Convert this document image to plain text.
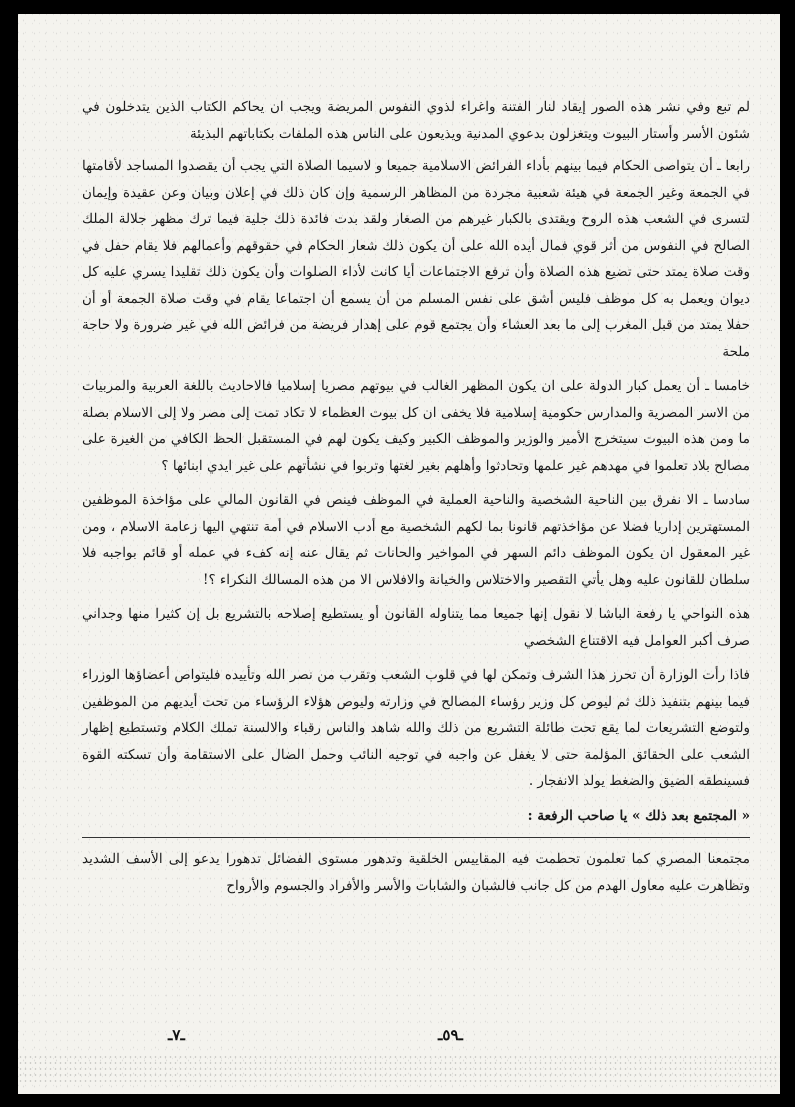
لم تبع وفي نشر هذه الصور إيقاد لنار الفتنة واغراء لذوي النفوس المريضة ويجب ان يحاكم الكتاب الذين يتدخلون في شئون الأسر وأستار البيوت ويتغزلون بدعوي المدنية ويذيعون على الناس هذه الملفات بكتاباتهم البذيئة

رابعا ـ أن يتواصى الحكام فيما بينهم بأداء الفرائض الاسلامية جميعا و لاسيما الصلاة التي يجب أن يقصدوا المساجد لأقامتها في الجمعة وغير الجمعة في هيئة شعبية مجردة من المظاهر الرسمية وإن كان ذلك في إعلان وبيان وعن عقيدة وإيمان لتسرى في الشعب هذه الروح ويقتدى بالكبار غيرهم من الصغار ولقد بدت فائدة ذلك جلية فيما ترك مظهر جلالة الملك الصالح في النفوس من أثر قوي فمال أيده الله على أن يكون ذلك شعار الحكام في حقوقهم وأعمالهم فلا يقام حفل في وقت صلاة يمتد حتى تضيع هذه الصلاة وأن ترفع الاجتماعات أيا كانت لأداء الصلوات وأن يكون ذلك تقليدا يسري عليه كل ديوان ويعمل به كل موظف فليس أشق على نفس المسلم من أن يسمع أن اجتماعا يقام في وقت صلاة الجمعة أو أن حفلا يمتد من قبل المغرب إلى ما بعد العشاء وأن يجتمع قوم على إهدار فريضة من فرائض الله في غير ضرورة ولا حاجة ملحة

خامسا ـ أن يعمل كبار الدولة على ان يكون المظهر الغالب في بيوتهم مصريا إسلاميا فالاحاديث باللغة العربية والمربيات من الاسر المصرية والمدارس حكومية إسلامية فلا يخفى ان كل بيوت العظماء لا تكاد تمت إلى مصر ولا إلى الاسلام بصلة ما ومن هذه البيوت سيتخرج الأمير والوزير والموظف الكبير وكيف يكون لهم في المستقبل الحظ الكافي من الغيرة على مصالح بلاد تعلموا في مهدهم غير علمها وتحادثوا وأهلهم بغير لغتها وتربوا في نشأتهم على غير ايدي ابنائها ؟

سادسا ـ الا نفرق بين الناحية الشخصية والناحية العملية في الموظف فينص في القانون المالي على مؤاخذة الموظفين المستهترين إداريا فضلا عن مؤاخذتهم قانونا بما لكهم الشخصية مع أدب الاسلام في أمة تنتهي اليها زعامة الاسلام ، ومن غير المعقول ان يكون الموظف دائم السهر في المواخير والحانات ثم يقال عنه إنه كفء في عمله أو قائم بواجبه فلا سلطان للقانون عليه وهل يأتي التقصير والاختلاس والخيانة والافلاس الا من هذه المسالك النكراء ؟!

هذه النواحي يا رفعة الباشا لا نقول إنها جميعا مما يتناوله القانون أو يستطيع إصلاحه بالتشريع بل إن كثيرا منها وجداني صرف أكبر العوامل فيه الاقتناع الشخصي

فاذا رأت الوزارة أن تحرز هذا الشرف وتمكن لها في قلوب الشعب وتقرب من نصر الله وتأييده فليتواص أعضاؤها الوزراء فيما بينهم بتنفيذ ذلك ثم ليوص كل وزير رؤساء المصالح في وزارته وليوص هؤلاء الرؤساء من تحت أيديهم من الموظفين ولتوضع التشريعات لما يقع تحت طائلة التشريع من ذلك والله شاهد والناس رقباء والالسنة تملك الكلام وتستطيع إظهار الشعب على الحقائق المؤلمة حتى لا يغفل عن واجبه في توجيه النائب وحمل الضال على الاستقامة وأن تسكته القوة فسينطقه الضيق والضغط يولد الانفجار .

« المجتمع بعد ذلك » يا صاحب الرفعة :

مجتمعنا المصري كما تعلمون تحطمت فيه المقاييس الخلقية وتدهور مستوى الفضائل تدهورا يدعو إلى الأسف الشديد وتظاهرت عليه معاول الهدم من كل جانب فالشبان والشابات والأسر والأفراد والجسوم والأرواح

ـ٧ـ	ـ٥٩ـ
